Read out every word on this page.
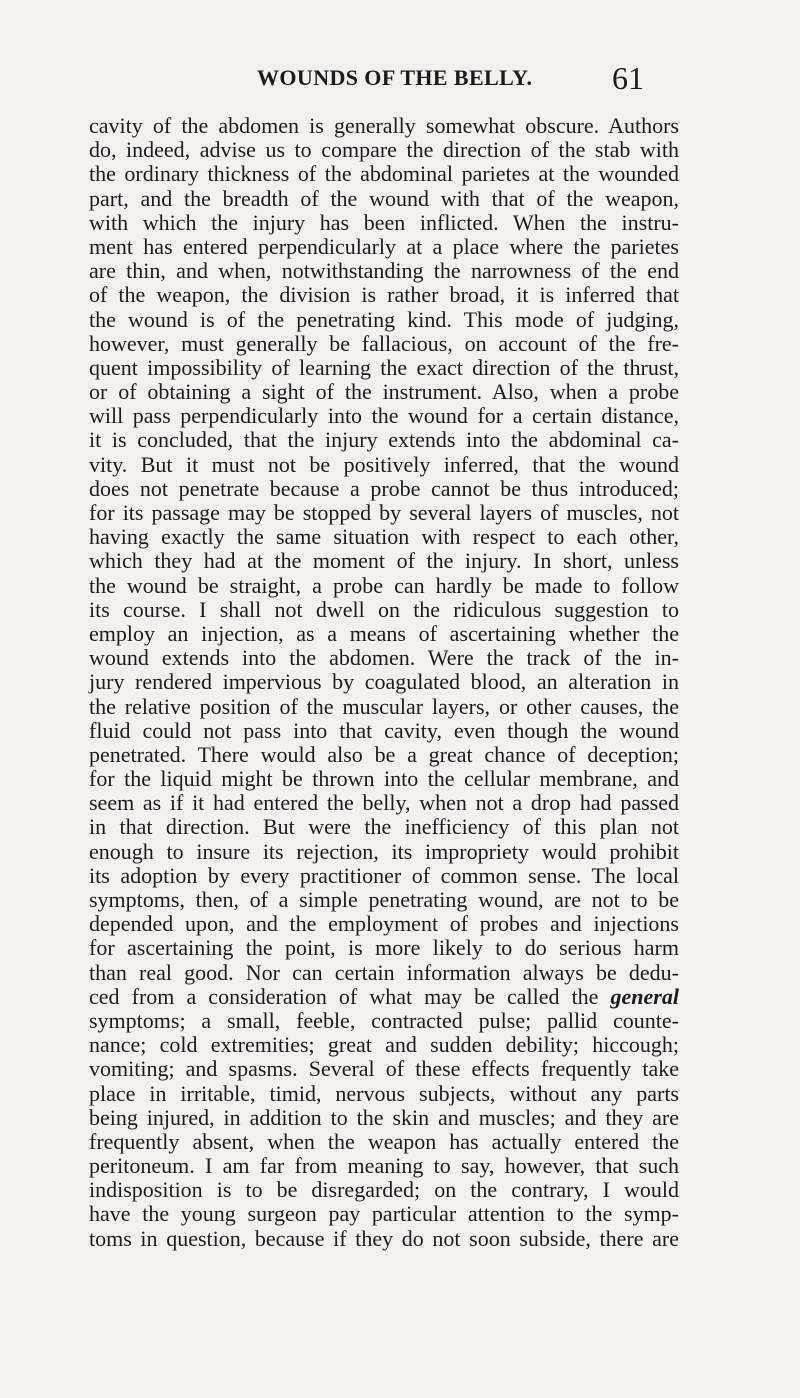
WOUNDS OF THE BELLY. 61
cavity of the abdomen is generally somewhat obscure. Authors
do, indeed, advise us to compare the direction of the stab with
the ordinary thickness of the abdominal parietes at the wounded
part, and the breadth of the wound with that of the weapon,
with which the injury has been inflicted. When the instru-
ment has entered perpendicularly at a place where the parietes
are thin, and when, notwithstanding the narrowness of the end
of the weapon, the division is rather broad, it is inferred that
the wound is of the penetrating kind. This mode of judging,
however, must generally be fallacious, on account of the fre-
quent impossibility of learning the exact direction of the thrust,
or of obtaining a sight of the instrument. Also, when a probe
will pass perpendicularly into the wound for a certain distance,
it is concluded, that the injury extends into the abdominal ca-
vity. But it must not be positively inferred, that the wound
does not penetrate because a probe cannot be thus introduced;
for its passage may be stopped by several layers of muscles, not
having exactly the same situation with respect to each other,
which they had at the moment of the injury. In short, unless
the wound be straight, a probe can hardly be made to follow
its course. I shall not dwell on the ridiculous suggestion to
employ an injection, as a means of ascertaining whether the
wound extends into the abdomen. Were the track of the in-
jury rendered impervious by coagulated blood, an alteration in
the relative position of the muscular layers, or other causes, the
fluid could not pass into that cavity, even though the wound
penetrated. There would also be a great chance of deception;
for the liquid might be thrown into the cellular membrane, and
seem as if it had entered the belly, when not a drop had passed
in that direction. But were the inefficiency of this plan not
enough to insure its rejection, its impropriety would prohibit
its adoption by every practitioner of common sense. The local
symptoms, then, of a simple penetrating wound, are not to be
depended upon, and the employment of probes and injections
for ascertaining the point, is more likely to do serious harm
than real good. Nor can certain information always be dedu-
ced from a consideration of what may be called the general
symptoms; a small, feeble, contracted pulse; pallid counte-
nance; cold extremities; great and sudden debility; hiccough;
vomiting; and spasms. Several of these effects frequently take
place in irritable, timid, nervous subjects, without any parts
being injured, in addition to the skin and muscles; and they are
frequently absent, when the weapon has actually entered the
peritoneum. I am far from meaning to say, however, that such
indisposition is to be disregarded; on the contrary, I would
have the young surgeon pay particular attention to the symp-
toms in question, because if they do not soon subside, there are
